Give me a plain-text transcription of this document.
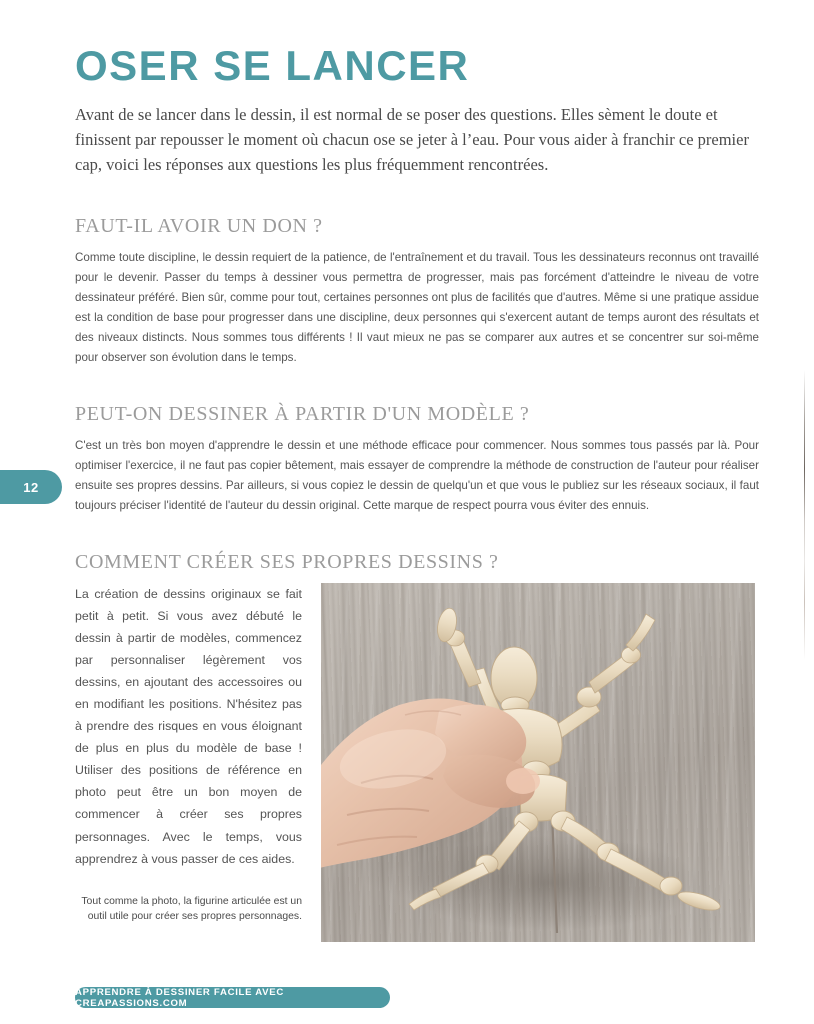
12
OSER SE LANCER

Avant de se lancer dans le dessin, il est normal de se poser des questions. Elles sèment le doute et finissent par repousser le moment où chacun ose se jeter à l’eau. Pour vous aider à franchir ce premier cap, voici les réponses aux questions les plus fréquemment rencontrées.

FAUT-IL AVOIR UN DON ?

Comme toute discipline, le dessin requiert de la patience, de l'entraînement et du travail. Tous les dessinateurs reconnus ont travaillé pour le devenir. Passer du temps à dessiner vous permettra de progresser, mais pas forcément d'atteindre le niveau de votre dessinateur préféré. Bien sûr, comme pour tout, certaines personnes ont plus de facilités que d'autres. Même si une pratique assidue est la condition de base pour progresser dans une discipline, deux personnes qui s'exercent autant de temps auront des résultats et des niveaux distincts. Nous sommes tous différents ! Il vaut mieux ne pas se comparer aux autres et se concentrer sur soi-même pour observer son évolution dans le temps.

PEUT-ON DESSINER À PARTIR D'UN MODÈLE ?

C'est un très bon moyen d'apprendre le dessin et une méthode efficace pour commencer. Nous sommes tous passés par là. Pour optimiser l'exercice, il ne faut pas copier bêtement, mais essayer de comprendre la méthode de construction de l'auteur pour réaliser ensuite ses propres dessins. Par ailleurs, si vous copiez le dessin de quelqu'un et que vous le publiez sur les réseaux sociaux, il faut toujours préciser l'identité de l'auteur du dessin original. Cette marque de respect pourra vous éviter des ennuis.

COMMENT CRÉER SES PROPRES DESSINS ?

La création de dessins originaux se fait petit à petit. Si vous avez débuté le dessin à partir de modèles, commencez par personnaliser légèrement vos dessins, en ajoutant des accessoires ou en modifiant les positions. N'hésitez pas à prendre des risques en vous éloignant de plus en plus du modèle de base ! Utiliser des positions de référence en photo peut être un bon moyen de commencer à créer ses propres personnages. Avec le temps, vous apprendrez à vous passer de ces aides.

Tout comme la photo, la figurine articulée est un outil utile pour créer ses propres personnages.
APPRENDRE À DESSINER FACILE AVEC CREAPASSIONS.COM
